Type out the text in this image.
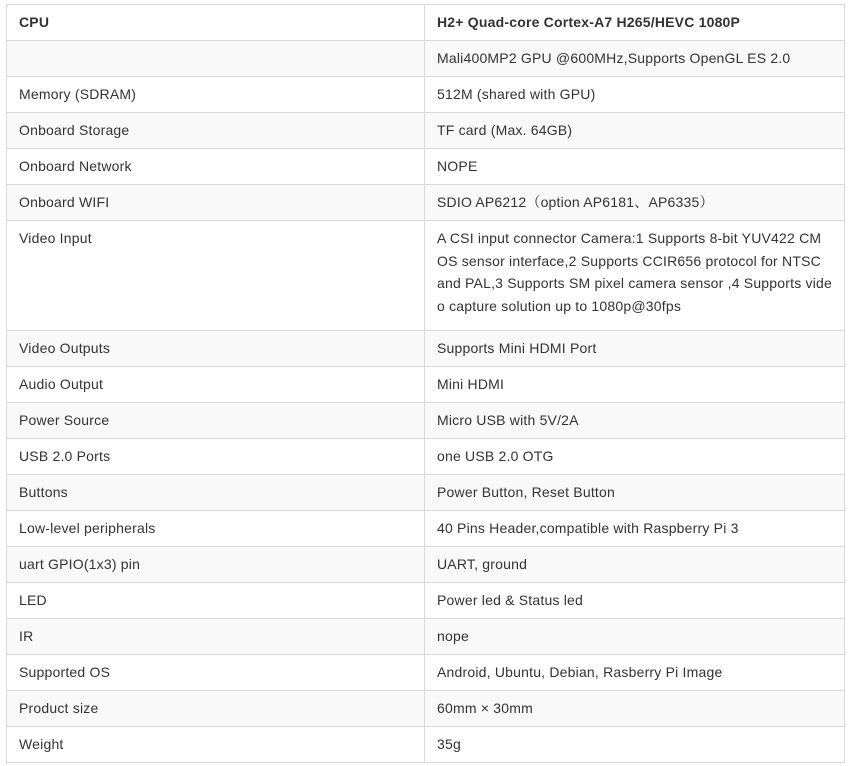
CPU	H2+ Quad-core Cortex-A7 H265/HEVC 1080P
	Mali400MP2 GPU @600MHz,Supports OpenGL ES 2.0
Memory (SDRAM)	512M (shared with GPU)
Onboard Storage	TF card (Max. 64GB)
Onboard Network	NOPE
Onboard WIFI	SDIO AP6212（option AP6181、AP6335）
Video Input	A CSI input connector Camera:1 Supports 8-bit YUV422 CMOS sensor interface,2 Supports CCIR656 protocol for NTSC and PAL,3 Supports SM pixel camera sensor ,4 Supports video capture solution up to 1080p@30fps
Video Outputs	Supports Mini HDMI Port
Audio Output	Mini HDMI
Power Source	Micro USB with 5V/2A
USB 2.0 Ports	one USB 2.0 OTG
Buttons	Power Button, Reset Button
Low-level peripherals	40 Pins Header,compatible with Raspberry Pi 3
uart GPIO(1x3) pin	UART, ground
LED	Power led & Status led
IR	nope
Supported OS	Android, Ubuntu, Debian, Rasberry Pi Image
Product size	60mm × 30mm
Weight	35g
